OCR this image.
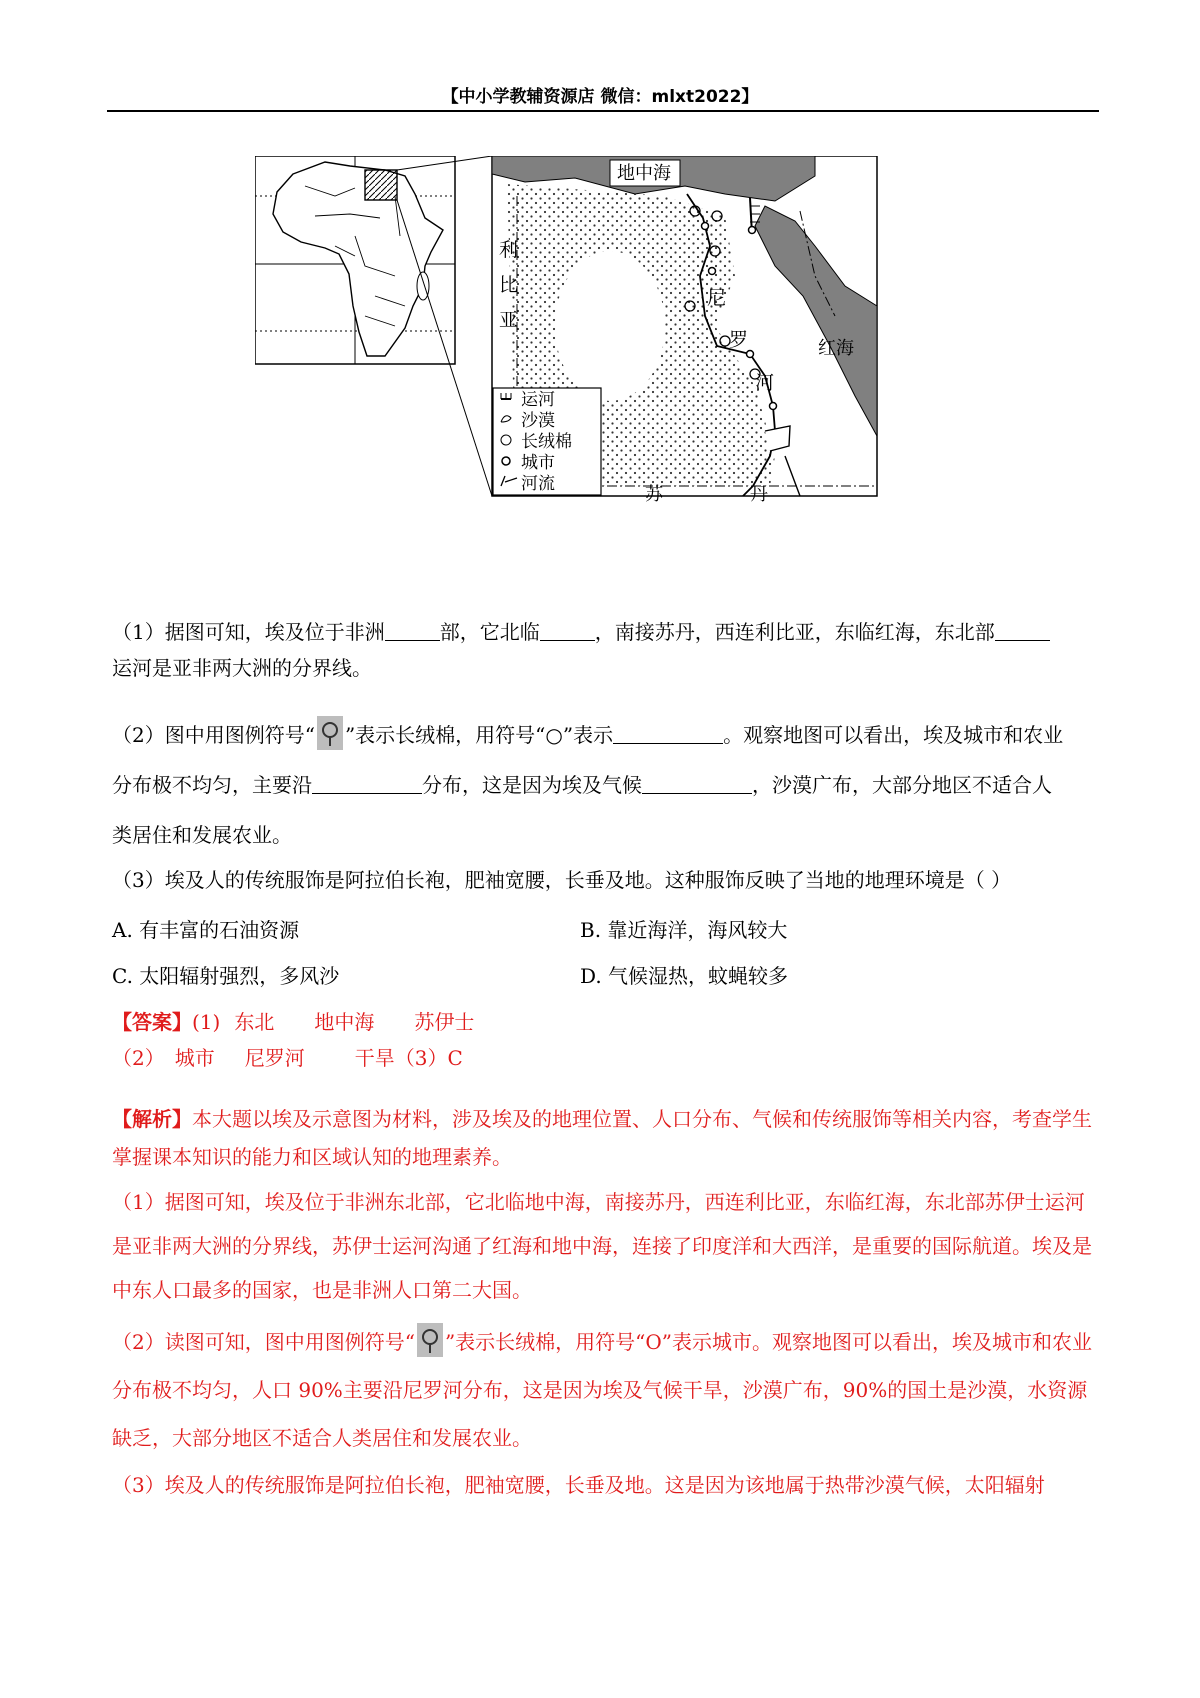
【中小学教辅资源店 微信：mlxt2022】
运河
沙漠
长绒棉
城市
河流
地中海
利
比
亚
尼
罗
河
红海
苏	丹

（1）据图可知，埃及位于非洲	部，它北临	，南接苏丹，西连利比亚，东临红海，东北部
运河是亚非两大洲的分界线。

（2）图中用图例符号“ ”表示长绒棉，用符号“○”表示	。观察地图可以看出，埃及城市和农业
分布极不均匀，主要沿	分布，这是因为埃及气候	，沙漠广布，大部分地区不适合人
类居住和发展农业。

（3）埃及人的传统服饰是阿拉伯长袍，肥袖宽腰，长垂及地。这种服饰反映了当地的地理环境是（ ）

A. 有丰富的石油资源	B. 靠近海洋，海风较大
C. 太阳辐射强烈，多风沙	D. 气候湿热，蚊蝇较多

【答案】(1) 东北 地中海 苏伊士
（2） 城市 尼罗河	干旱（3）C

【解析】本大题以埃及示意图为材料，涉及埃及的地理位置、人口分布、气候和传统服饰等相关内容，考查学生掌握课本知识的能力和区域认知的地理素养。

（1）据图可知，埃及位于非洲东北部，它北临地中海，南接苏丹，西连利比亚，东临红海，东北部苏伊士运河是亚非两大洲的分界线，苏伊士运河沟通了红海和地中海，连接了印度洋和大西洋，是重要的国际航道。埃及是中东人口最多的国家，也是非洲人口第二大国。

（2）读图可知，图中用图例符号“ ”表示长绒棉，用符号“O”表示城市。观察地图可以看出，埃及城市和农业分布极不均匀，人口 90%主要沿尼罗河分布，这是因为埃及气候干旱，沙漠广布，90%的国土是沙漠，水资源缺乏，大部分地区不适合人类居住和发展农业。

（3）埃及人的传统服饰是阿拉伯长袍，肥袖宽腰，长垂及地。这是因为该地属于热带沙漠气候，太阳辐射
